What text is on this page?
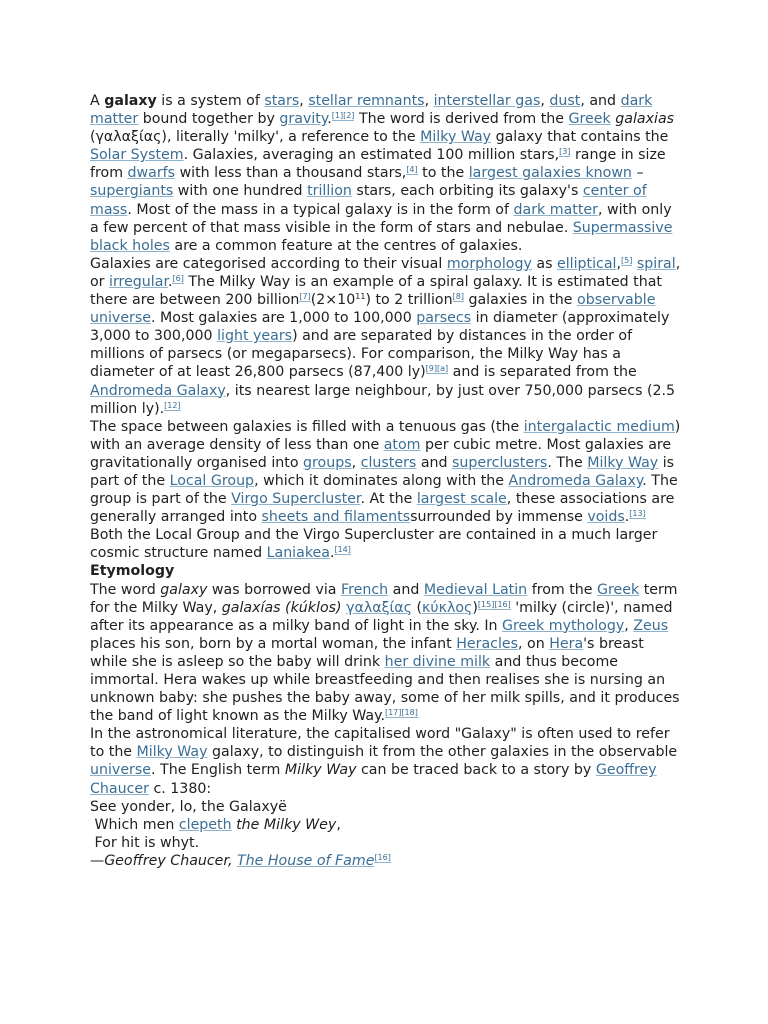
A galaxy is a system of stars, stellar remnants, interstellar gas, dust, and dark matter bound together by gravity.[1][2] The word is derived from the Greek galaxias (γαλαξίας), literally 'milky', a reference to the Milky Way galaxy that contains the Solar System. Galaxies, averaging an estimated 100 million stars,[3] range in size from dwarfs with less than a thousand stars,[4] to the largest galaxies known – supergiants with one hundred trillion stars, each orbiting its galaxy's center of mass. Most of the mass in a typical galaxy is in the form of dark matter, with only a few percent of that mass visible in the form of stars and nebulae. Supermassive black holes are a common feature at the centres of galaxies.

Galaxies are categorised according to their visual morphology as elliptical,[5] spiral, or irregular.[6] The Milky Way is an example of a spiral galaxy. It is estimated that there are between 200 $billion[7](2\times 10^{11})$ to 2 trillion[8] galaxies in the observable universe. Most galaxies are 1,000 to 100,000 parsecs in diameter (approximately 3,000 to 300,000 light years) and are separated by distances in the order of millions of parsecs (or megaparsecs). For comparison, the Milky Way has a diameter of at least 26,800 parsecs (87,400 ly)[9][a] and is separated from the Andromeda Galaxy, its nearest large neighbour, by just over 750,000 parsecs (2.5 million ly).[12]

The space between galaxies is filled with a tenuous gas (the intergalactic medium) with an average density of less than one atom per cubic metre. Most galaxies are gravitationally organised into groups, clusters and superclusters. The Milky Way is part of the Local Group, which it dominates along with the Andromeda Galaxy. The group is part of the Virgo Supercluster. At the largest scale, these associations are generally arranged into sheets and filamentssurrounded by immense voids.[13] Both the Local Group and the Virgo Supercluster are contained in a much larger cosmic structure named Laniakea.[14]

Etymology

The word galaxy was borrowed via French and Medieval Latin from the Greek term for the Milky Way, galaxías (kúklos) γαλαξίας (κύκλος)[15][16] 'milky (circle)', named after its appearance as a milky band of light in the sky. In Greek mythology, Zeus places his son, born by a mortal woman, the infant Heracles, on Hera's breast while she is asleep so the baby will drink her divine milk and thus become immortal. Hera wakes up while breastfeeding and then realises she is nursing an unknown baby: she pushes the baby away, some of her milk spills, and it produces the band of light known as the Milky Way.[17][18]

In the astronomical literature, the capitalised word "Galaxy" is often used to refer to the Milky Way galaxy, to distinguish it from the other galaxies in the observable universe. The English term Milky Way can be traced back to a story by Geoffrey Chaucer c. 1380:

See yonder, lo, the Galaxyë
Which men clepeth the Milky Wey,
For hit is whyt.
—Geoffrey Chaucer, The House of Fame[16]
